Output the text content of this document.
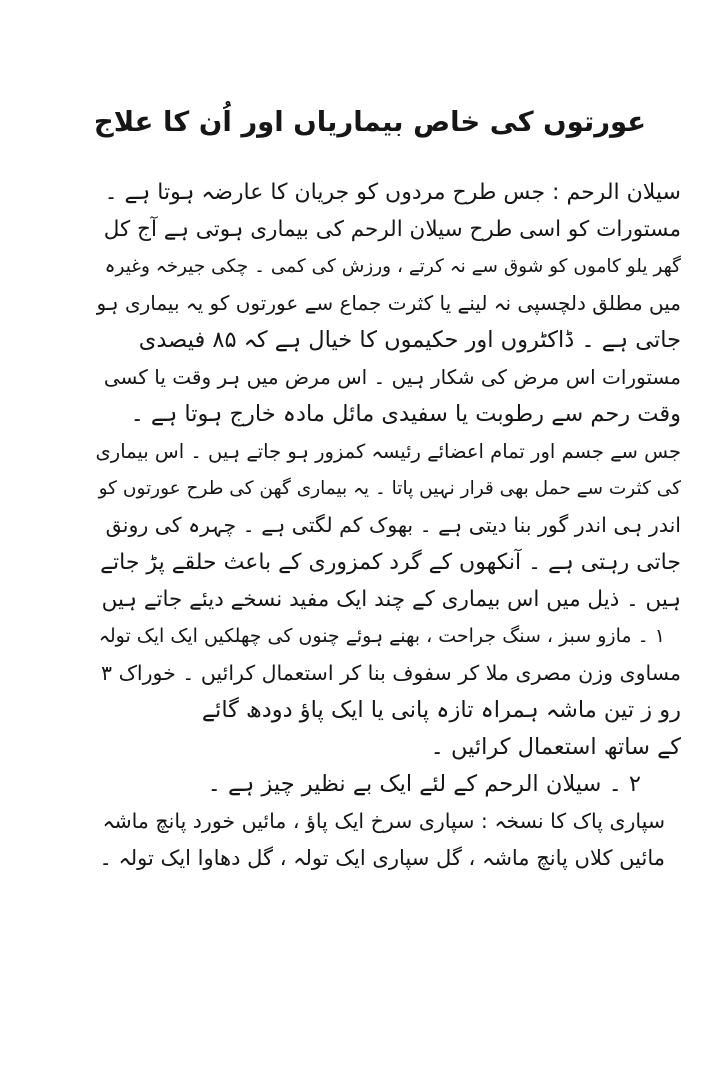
عورتوں کی خاص بیماریاں اور اُن کا علاج
سیلان الرحم : جس طرح مردوں کو جریان کا عارضہ ہوتا ہے ۔
مستورات کو اسی طرح سیلان الرحم کی بیماری ہوتی ہے آج کل
گھر یلو کاموں کو شوق سے نہ کرتے ، ورزش کی کمی ۔ چکی جیرخہ وغیرہ
میں مطلق دلچسپی نہ لینے یا کثرت جماع سے عورتوں کو یہ بیماری ہو
جاتی ہے ۔ ڈاکٹروں اور حکیموں کا خیال ہے کہ ۸۵ فیصدی
مستورات اس مرض کی شکار ہیں ۔ اس مرض میں ہر وقت یا کسی
وقت رحم سے رطوبت یا سفیدی مائل مادہ خارج ہوتا ہے ۔
جس سے جسم اور تمام اعضائے رئیسہ کمزور ہو جاتے ہیں ۔ اس بیماری
کی کثرت سے حمل بھی قرار نہیں پاتا ۔ یہ بیماری گھن کی طرح عورتوں کو
اندر ہی اندر گور بنا دیتی ہے ۔ بھوک کم لگتی ہے ۔ چہرہ کی رونق
جاتی رہتی ہے ۔ آنکھوں کے گرد کمزوری کے باعث حلقے پڑ جاتے
ہیں ۔ ذیل میں اس بیماری کے چند ایک مفید نسخے دیئے جاتے ہیں
۱ ۔ مازو سبز ، سنگ جراحت ، بھنے ہوئے چنوں کی چھلکیں ایک ایک تولہ
مساوی وزن مصری ملا کر سفوف بنا کر استعمال کرائیں ۔ خوراک ۳
رو ز تین ماشہ ہمراہ تازہ پانی یا ایک پاؤ دودھ گائے
کے ساتھ استعمال کرائیں ۔
۲ ۔ سیلان الرحم کے لئے ایک بے نظیر چیز ہے ۔
سپاری پاک کا نسخہ : سپاری سرخ ایک پاؤ ، مائیں خورد پانچ ماشہ
مائیں کلاں پانچ ماشہ ، گل سپاری ایک تولہ ، گل دھاوا ایک تولہ ۔
